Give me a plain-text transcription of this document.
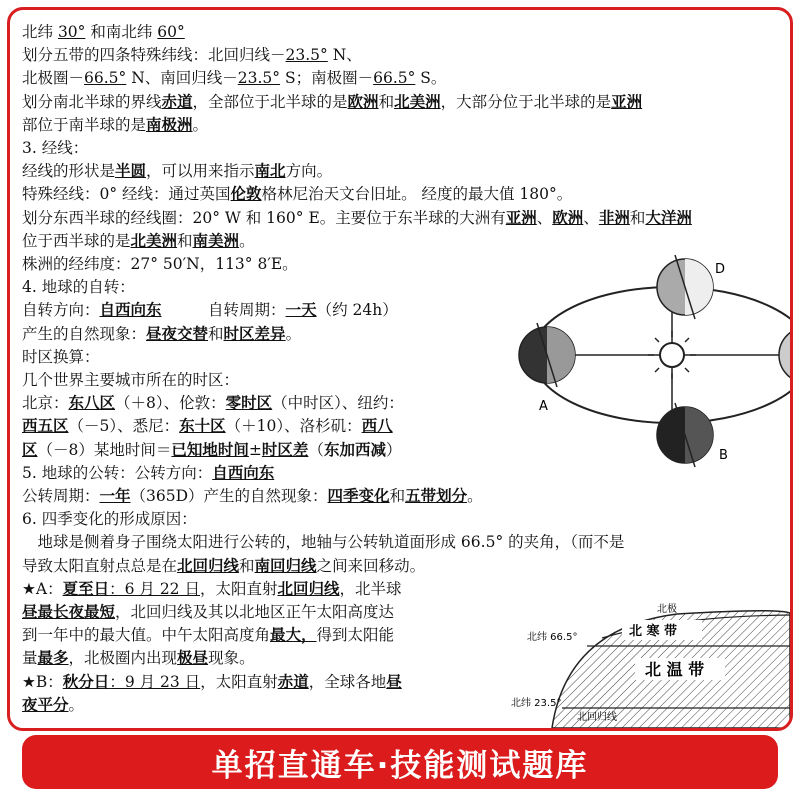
北纬 30° 和南北纬 60°
划分五带的四条特殊纬线：北回归线－23.5° N、
北极圈－66.5° N、南回归线－23.5° S；南极圈－66.5° S。
划分南北半球的界线赤道，全部位于北半球的是欧洲和北美洲，大部分位于北半球的是亚洲
部位于南半球的是南极洲。
3. 经线：
经线的形状是半圆，可以用来指示南北方向。
特殊经线：0° 经线：通过英国伦敦格林尼治天文台旧址。 经度的最大值 180°。
划分东西半球的经线圈：20° W 和 160° E。主要位于东半球的大洲有亚洲、欧洲、非洲和大洋洲
位于西半球的是北美洲和南美洲。
株洲的经纬度：27° 50′N，113° 8′E。
4. 地球的自转：
自转方向：自西向东　　　自转周期：一天（约 24h）
产生的自然现象：昼夜交替和时区差异。
时区换算：
几个世界主要城市所在的时区：
北京：东八区（＋8）、伦敦：零时区（中时区）、纽约：
西五区（－5）、悉尼：东十区（＋10）、洛杉矶：西八
区（－8）某地时间＝已知地时间±时区差（东加西减）
5. 地球的公转：公转方向：自西向东
公转周期：一年（365D）产生的自然现象：四季变化和五带划分。
6. 四季变化的形成原因：
　地球是侧着身子围绕太阳进行公转的，地轴与公转轨道面形成 66.5° 的夹角，（而不是
导致太阳直射点总是在北回归线和南回归线之间来回移动。
★A：夏至日：6 月 22 日，太阳直射北回归线，北半球
昼最长夜最短，北回归线及其以北地区正午太阳高度达
到一年中的最大值。中午太阳高度角最大，得到太阳能
量最多，北极圈内出现极昼现象。
★B：秋分日：9 月 23 日，太阳直射赤道，全球各地昼
夜平分。
A
B
D
北极
北纬 66.5°	北 寒 带
北 温 带
北纬 23.5°
北回归线
单招直通车·技能测试题库
